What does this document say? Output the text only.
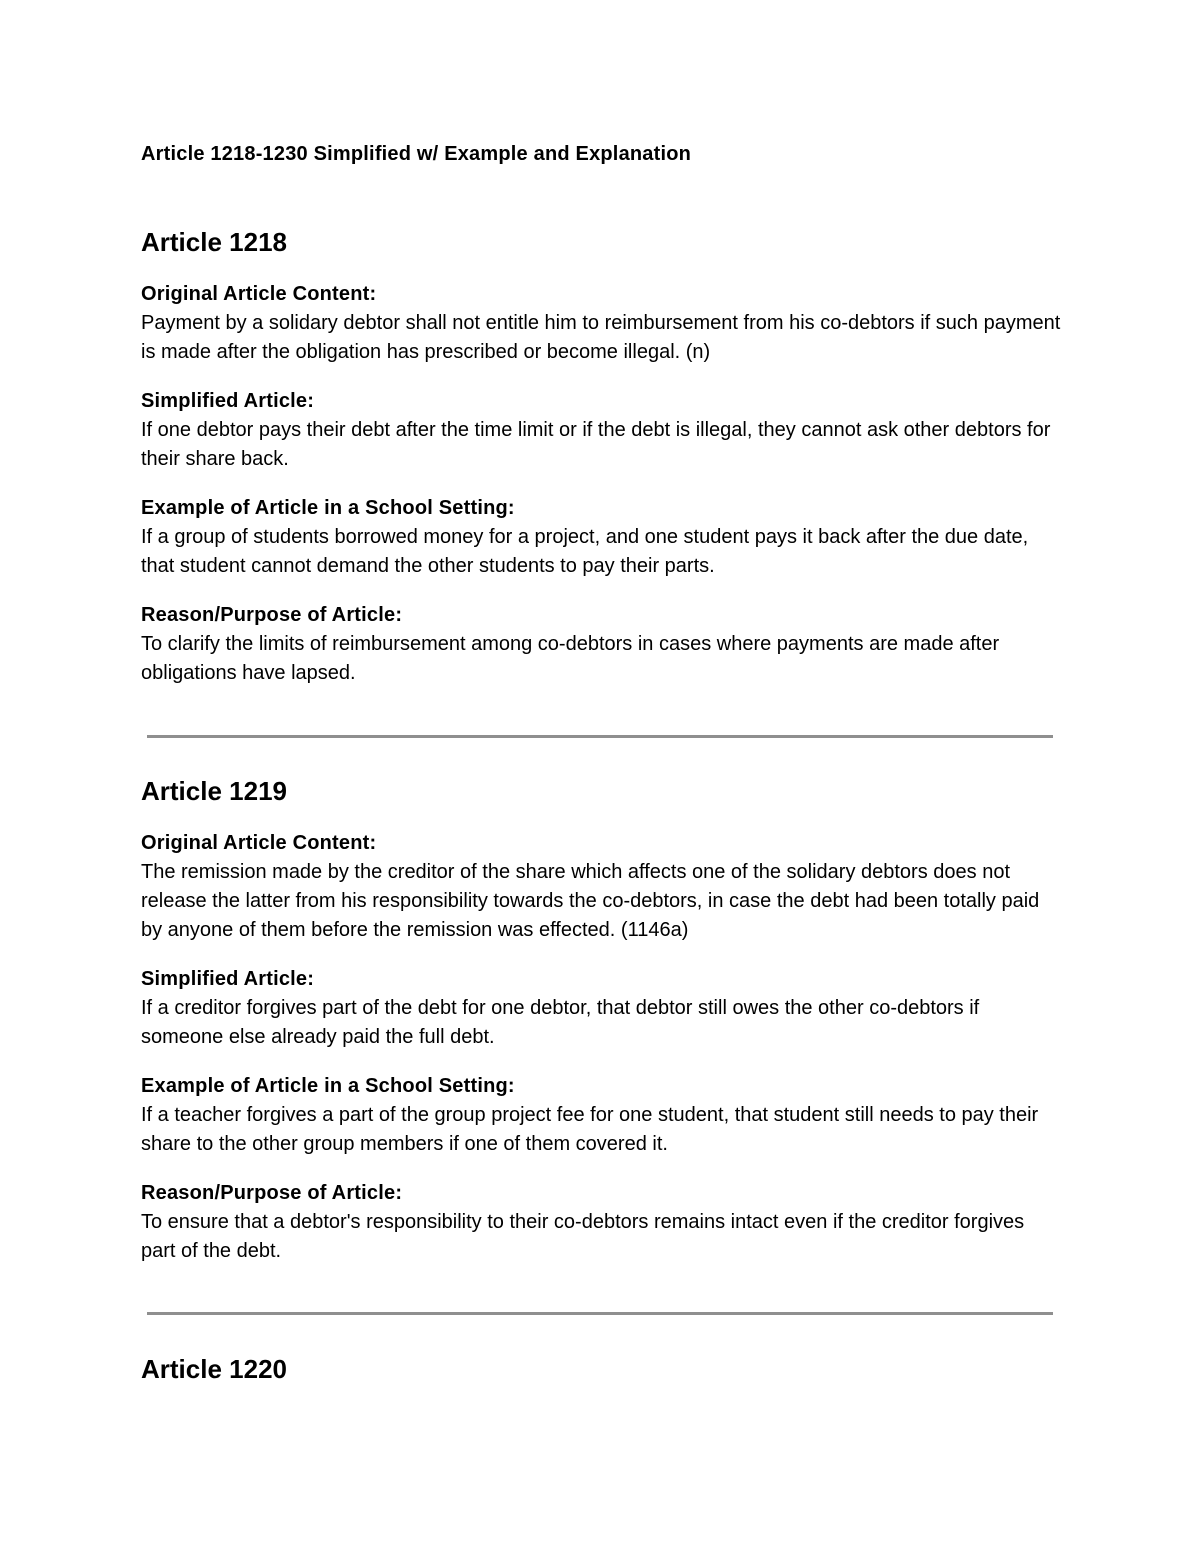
Article 1218-1230 Simplified w/ Example and Explanation
Article 1218

Original Article Content:

Payment by a solidary debtor shall not entitle him to reimbursement from his co-debtors if such payment is made after the obligation has prescribed or become illegal. (n)

Simplified Article:

If one debtor pays their debt after the time limit or if the debt is illegal, they cannot ask other debtors for their share back.

Example of Article in a School Setting:

If a group of students borrowed money for a project, and one student pays it back after the due date, that student cannot demand the other students to pay their parts.

Reason/Purpose of Article:

To clarify the limits of reimbursement among co-debtors in cases where payments are made after obligations have lapsed.

Article 1219

Original Article Content:

The remission made by the creditor of the share which affects one of the solidary debtors does not release the latter from his responsibility towards the co-debtors, in case the debt had been totally paid by anyone of them before the remission was effected. (1146a)

Simplified Article:

If a creditor forgives part of the debt for one debtor, that debtor still owes the other co-debtors if someone else already paid the full debt.

Example of Article in a School Setting:

If a teacher forgives a part of the group project fee for one student, that student still needs to pay their share to the other group members if one of them covered it.

Reason/Purpose of Article:

To ensure that a debtor's responsibility to their co-debtors remains intact even if the creditor forgives part of the debt.

Article 1220
